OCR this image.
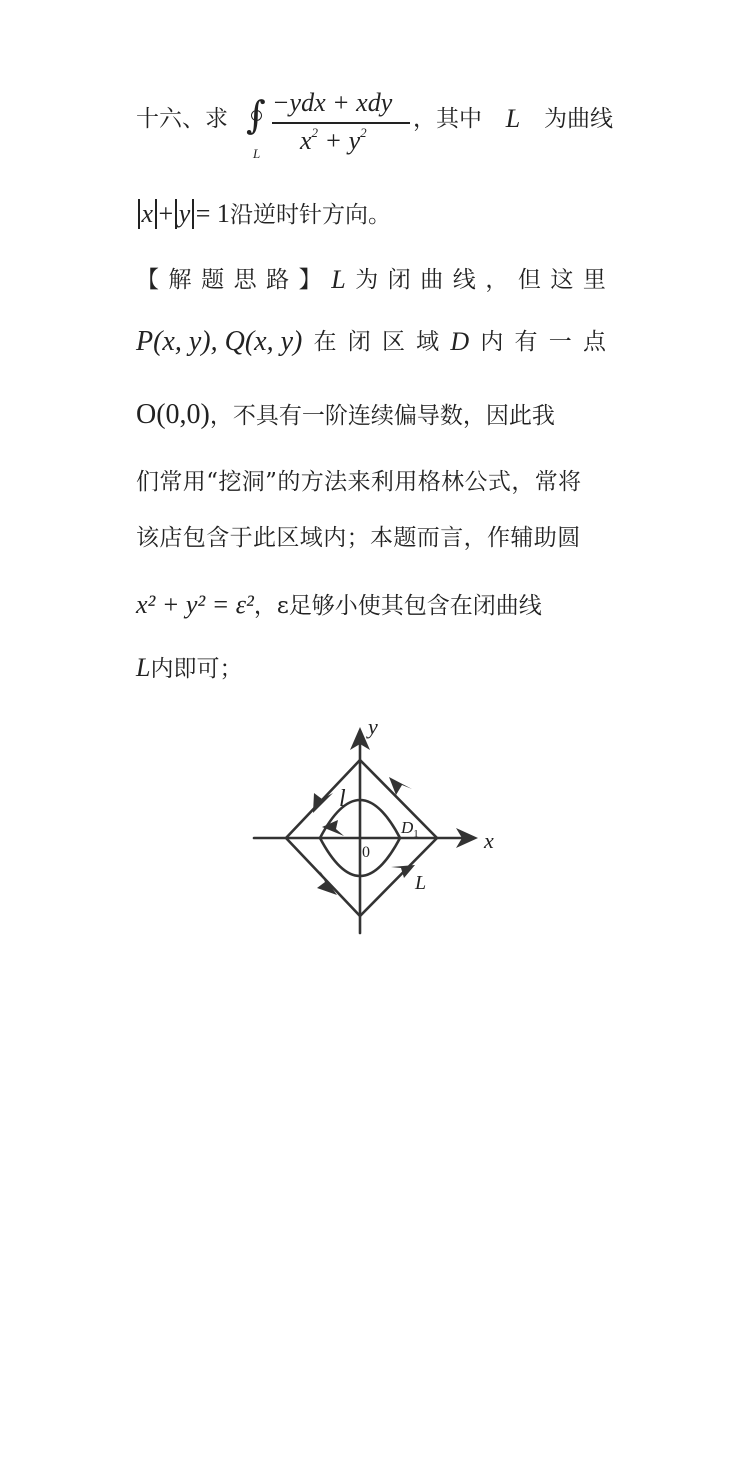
十六、求 ∫
L
−ydx + xdy
$x^2 + y^2$
，其中 L 为曲线
x + y = 1沿逆时针方向。
【 解 题 思 路 】 L 为 闭 曲 线 ， 但 这 里
P(x, y), Q(x, y) 在 闭 区 域 D 内 有 一 点
O(0,0)，不具有一阶连续偏导数，因此我
们常用“挖洞”的方法来利用格林公式，常将
该店包含于此区域内；本题而言，作辅助圆
x² + y² = ε²，ε足够小使其包含在闭曲线
L内即可；
y
x
l
$D_1$
0
L
